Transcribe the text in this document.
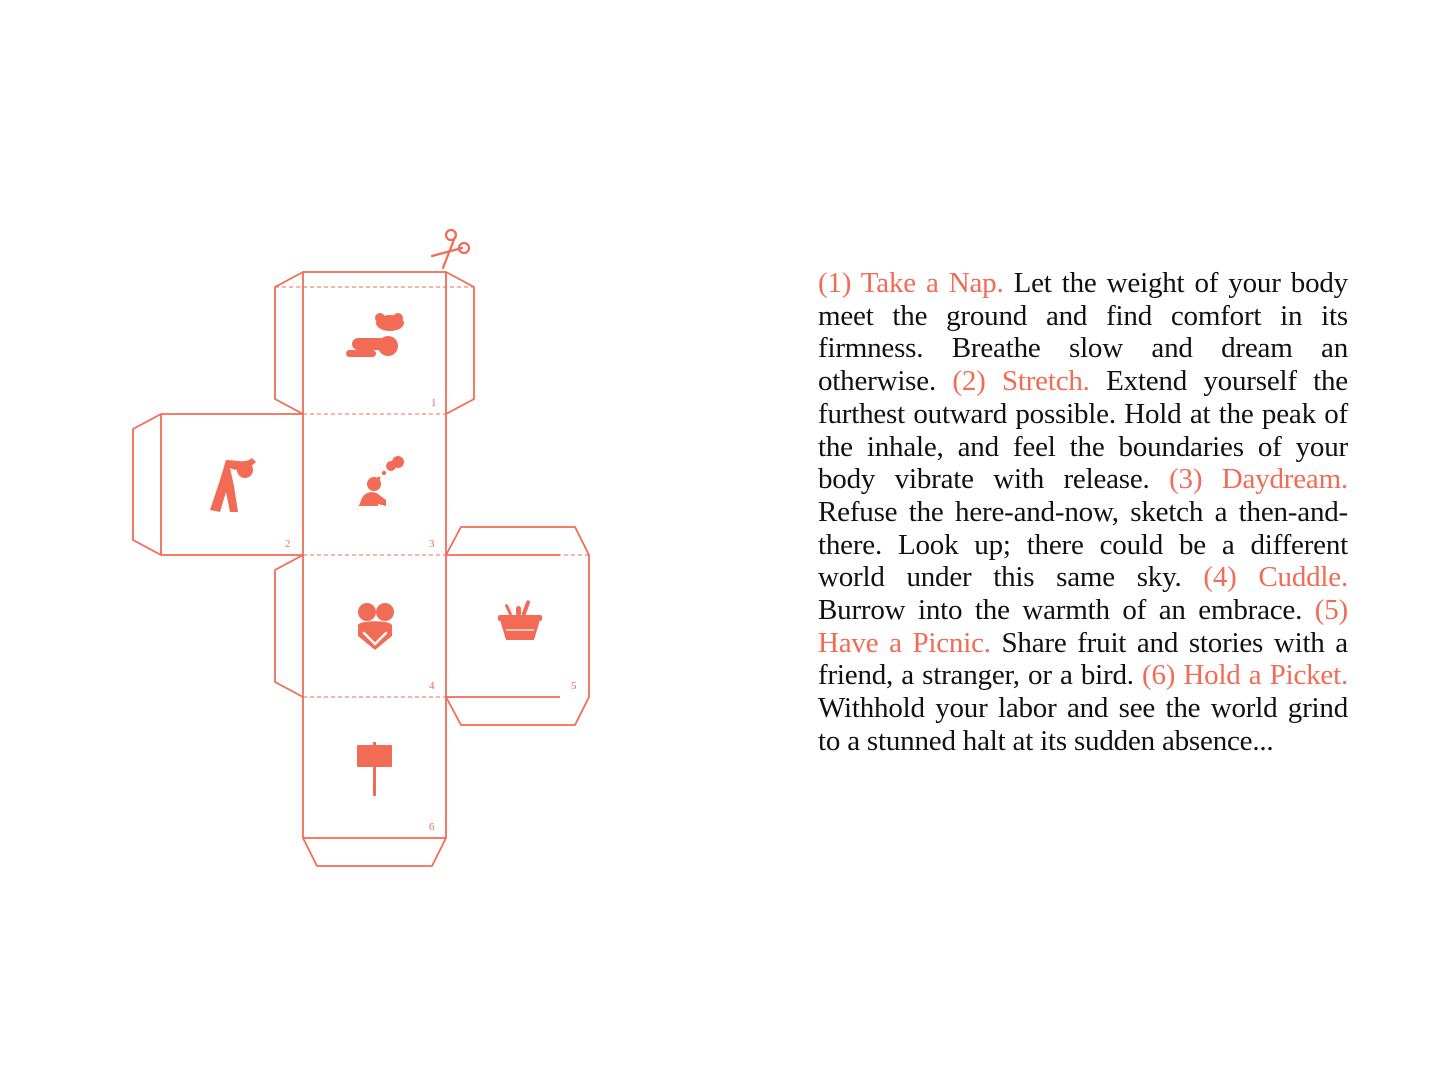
1
2	3
4	5
6

(1) Take a Nap. Let the weight of your body meet the ground and find comfort in its firmness. Breathe slow and dream an otherwise. (2) Stretch. Extend yourself the furthest outward possible. Hold at the peak of the inhale, and feel the boundaries of your body vibrate with release. (3) Daydream. Refuse the here-and-now, sketch a then-and-there. Look up; there could be a different world under this same sky. (4) Cuddle. Burrow into the warmth of an embrace. (5) Have a Picnic. Share fruit and stories with a friend, a stranger, or a bird. (6) Hold a Picket. Withhold your labor and see the world grind to a stunned halt at its sudden absence...
